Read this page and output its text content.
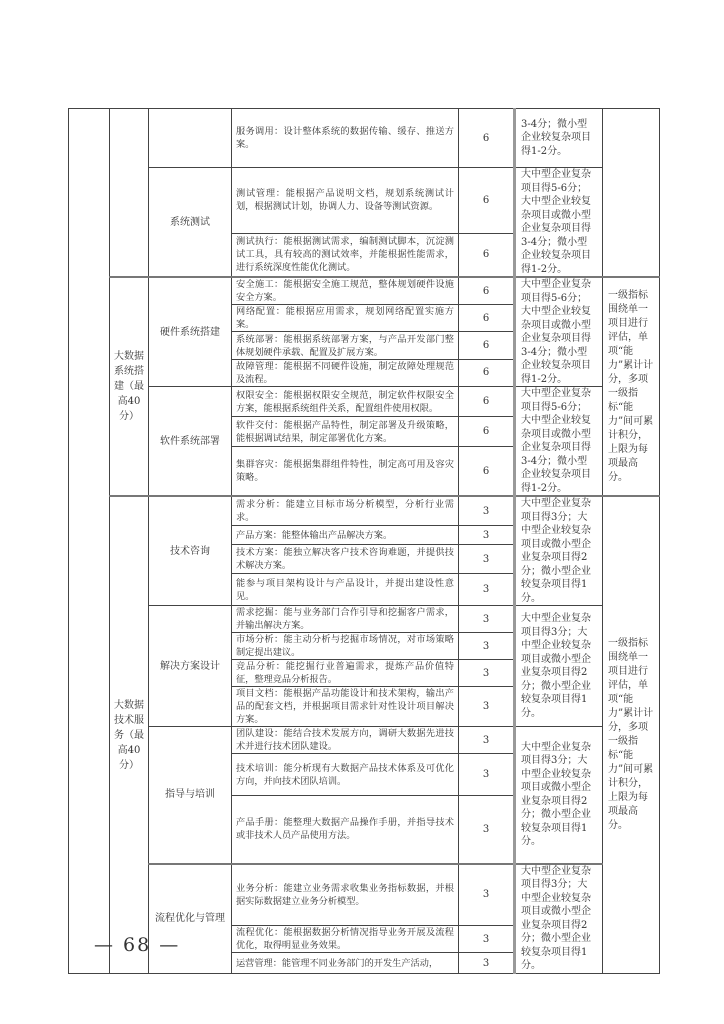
			服务调用：设计整体系统的数据传输、缓存、推送方案。	6	3-4分；微小型企业较复杂项目得1-2分。	
		系统测试	测试管理：能根据产品说明文档，规划系统测试计划，根据测试计划，协调人力、设备等测试资源。	6	大中型企业复杂项目得5-6分；大中型企业较复杂项目或微小型企业复杂项目得3-4分；微小型企业较复杂项目得1-2分。	
			测试执行：能根据测试需求，编制测试脚本，沉淀测试工具，具有较高的测试效率，并能根据性能需求，进行系统深度性能优化测试。	6		
	大数据系统搭建（最高40分）	硬件系统搭建	安全施工：能根据安全施工规范，整体规划硬件设施安全方案。	6	大中型企业复杂项目得5-6分；大中型企业较复杂项目或微小型企业复杂项目得3-4分；微小型企业较复杂项目得1-2分。	一级指标围绕单一项目进行评估，单项“能力”累计计分，多项一级指标“能力”间可累计积分，上限为每项最高分。
			网络配置：能根据应用需求，规划网络配置实施方案。	6		
			系统部署：能根据系统部署方案，与产品开发部门整体规划硬件承载、配置及扩展方案。	6		
			故障管理：能根据不同硬件设施，制定故障处理规范及流程。	6		
		软件系统部署	权限安全：能根据权限安全规范，制定软件权限安全方案，能根据系统组件关系，配置组件使用权限。	6	大中型企业复杂项目得5-6分；大中型企业较复杂项目或微小型企业复杂项目得3-4分；微小型企业较复杂项目得1-2分。	
			软件交付：能根据产品特性，制定部署及升级策略，能根据调试结果，制定部署优化方案。	6		
			集群容灾：能根据集群组件特性，制定高可用及容灾策略。	6		
	大数据技术服务（最高40分）	技术咨询	需求分析：能建立目标市场分析模型，分析行业需求。	3	大中型企业复杂项目得3分；大中型企业较复杂项目或微小型企业复杂项目得2分；微小型企业较复杂项目得1分。	一级指标围绕单一项目进行评估，单项“能力”累计计分，多项一级指标“能力”间可累计积分，上限为每项最高分。
			产品方案：能整体输出产品解决方案。	3		
			技术方案：能独立解决客户技术咨询难题，并提供技术解决方案。	3		
			能参与项目架构设计与产品设计，并提出建设性意见。	3		
		解决方案设计	需求挖掘：能与业务部门合作引导和挖掘客户需求，并输出解决方案。	3	大中型企业复杂项目得3分；大中型企业较复杂项目或微小型企业复杂项目得2分；微小型企业较复杂项目得1分。	
			市场分析：能主动分析与挖掘市场情况，对市场策略制定提出建议。	3		
			竞品分析：能挖掘行业普遍需求，提炼产品价值特征，整理竞品分析报告。	3		
			项目文档：能根据产品功能设计和技术架构，输出产品的配套文档，并根据项目需求针对性设计项目解决方案。	3		
		指导与培训	团队建设：能结合技术发展方向，调研大数据先进技术并进行技术团队建设。	3	大中型企业复杂项目得3分；大中型企业较复杂项目或微小型企业复杂项目得2分；微小型企业较复杂项目得1分。	
			技术培训：能分析现有大数据产品技术体系及可优化方向，并向技术团队培训。	3		
			产品手册：能整理大数据产品操作手册，并指导技术或非技术人员产品使用方法。	3		
		流程优化与管理	业务分析：能建立业务需求收集业务指标数据，并根据实际数据建立业务分析模型。	3	大中型企业复杂项目得3分；大中型企业较复杂项目或微小型企业复杂项目得2分；微小型企业较复杂项目得1分。	
			流程优化：能根据数据分析情况指导业务开展及流程优化，取得明显业务效果。	3		
			运营管理：能管理不同业务部门的开发生产活动，	3		
— 68 —
